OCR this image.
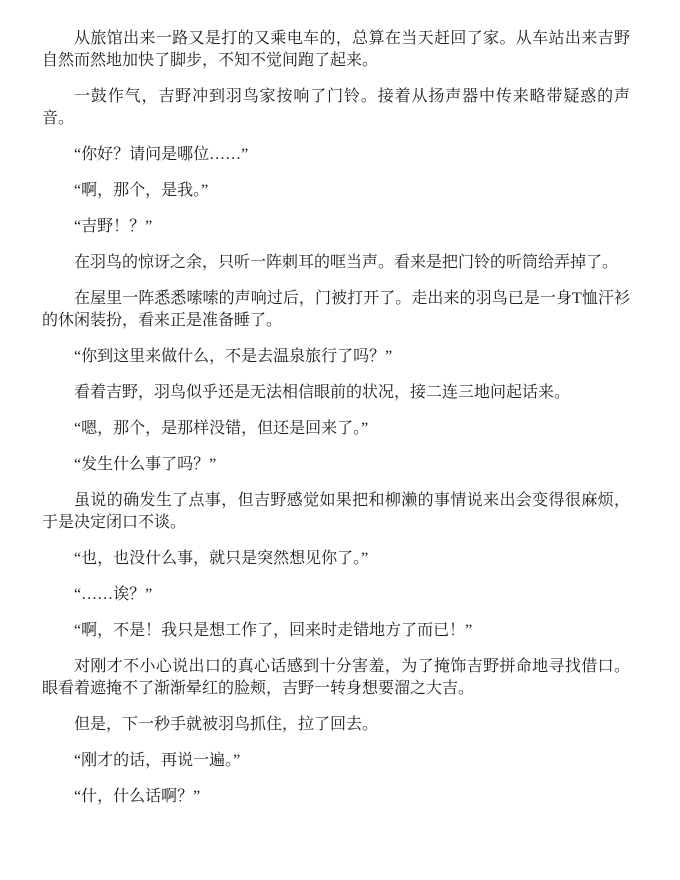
从旅馆出来一路又是打的又乘电车的，总算在当天赶回了家。从车站出来吉野自然而然地加快了脚步，不知不觉间跑了起来。

一鼓作气，吉野冲到羽鸟家按响了门铃。接着从扬声器中传来略带疑惑的声音。

“你好？请问是哪位……”

“啊，那个，是我。”

“吉野！？”

在羽鸟的惊讶之余，只听一阵刺耳的哐当声。看来是把门铃的听筒给弄掉了。

在屋里一阵悉悉嗦嗦的声响过后，门被打开了。走出来的羽鸟已是一身T恤汗衫的休闲装扮，看来正是准备睡了。

“你到这里来做什么，不是去温泉旅行了吗？”

看着吉野，羽鸟似乎还是无法相信眼前的状况，接二连三地问起话来。

“嗯，那个，是那样没错，但还是回来了。”

“发生什么事了吗？”

虽说的确发生了点事，但吉野感觉如果把和柳濑的事情说来出会变得很麻烦，于是决定闭口不谈。

“也，也没什么事，就只是突然想见你了。”

“……诶？”

“啊，不是！我只是想工作了，回来时走错地方了而已！”

对刚才不小心说出口的真心话感到十分害羞，为了掩饰吉野拼命地寻找借口。眼看着遮掩不了渐渐晕红的脸颊，吉野一转身想要溜之大吉。

但是，下一秒手就被羽鸟抓住，拉了回去。

“刚才的话，再说一遍。”

“什，什么话啊？”
